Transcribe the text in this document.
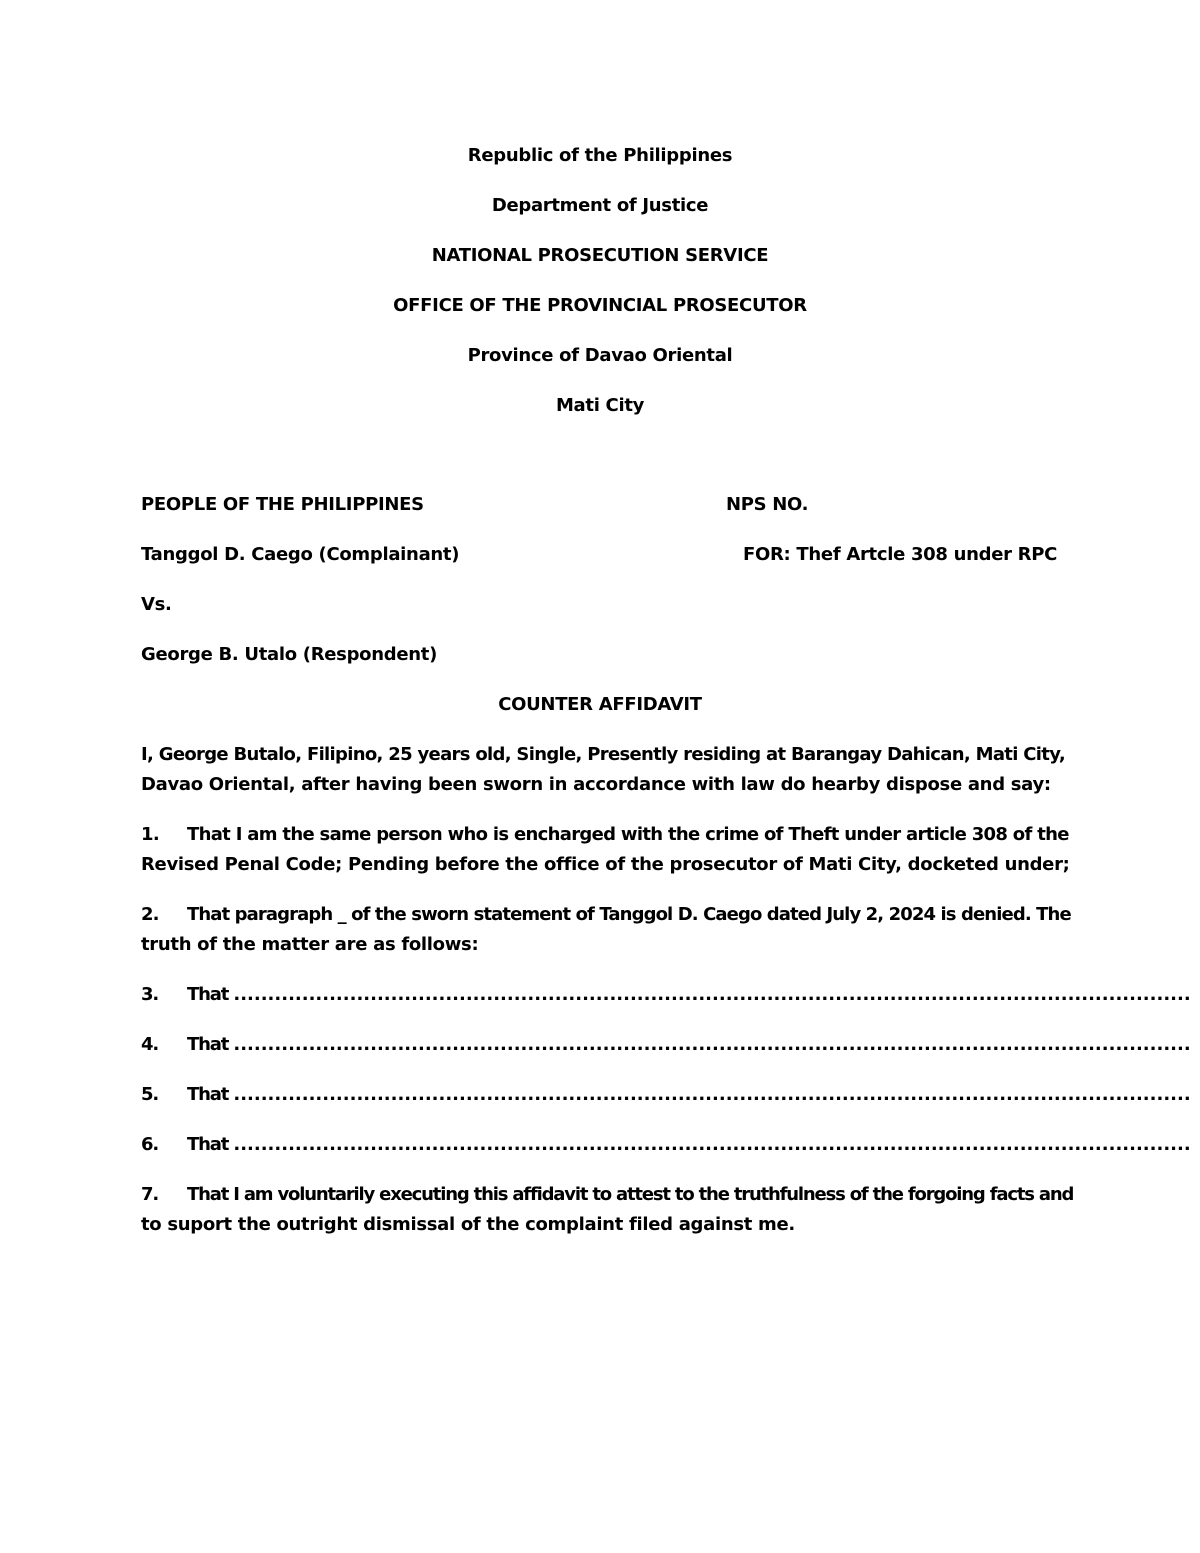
Republic of the Philippines
Department of Justice
NATIONAL PROSECUTION SERVICE
OFFICE OF THE PROVINCIAL PROSECUTOR
Province of Davao Oriental
Mati City
PEOPLE OF THE PHILIPPINES	NPS NO.
Tanggol D. Caego (Complainant)	FOR: Thef Artcle 308 under RPC
Vs.
George B. Utalo (Respondent)
COUNTER AFFIDAVIT
I, George Butalo, Filipino, 25 years old, Single, Presently residing at Barangay Dahican, Mati City,
Davao Oriental, after having been sworn in accordance with law do hearby dispose and say:
1. That I am the same person who is encharged with the crime of Theft under article 308 of the
Revised Penal Code; Pending before the office of the prosecutor of Mati City, docketed under;
2. That paragraph _ of the sworn statement of Tanggol D. Caego dated July 2, 2024 is denied. The
truth of the matter are as follows:
3. That ............................................................................................................................................
4. That ............................................................................................................................................
5. That ............................................................................................................................................
6. That ............................................................................................................................................
7. That I am voluntarily executing this affidavit to attest to the truthfulness of the forgoing facts and
to suport the outright dismissal of the complaint filed against me.
